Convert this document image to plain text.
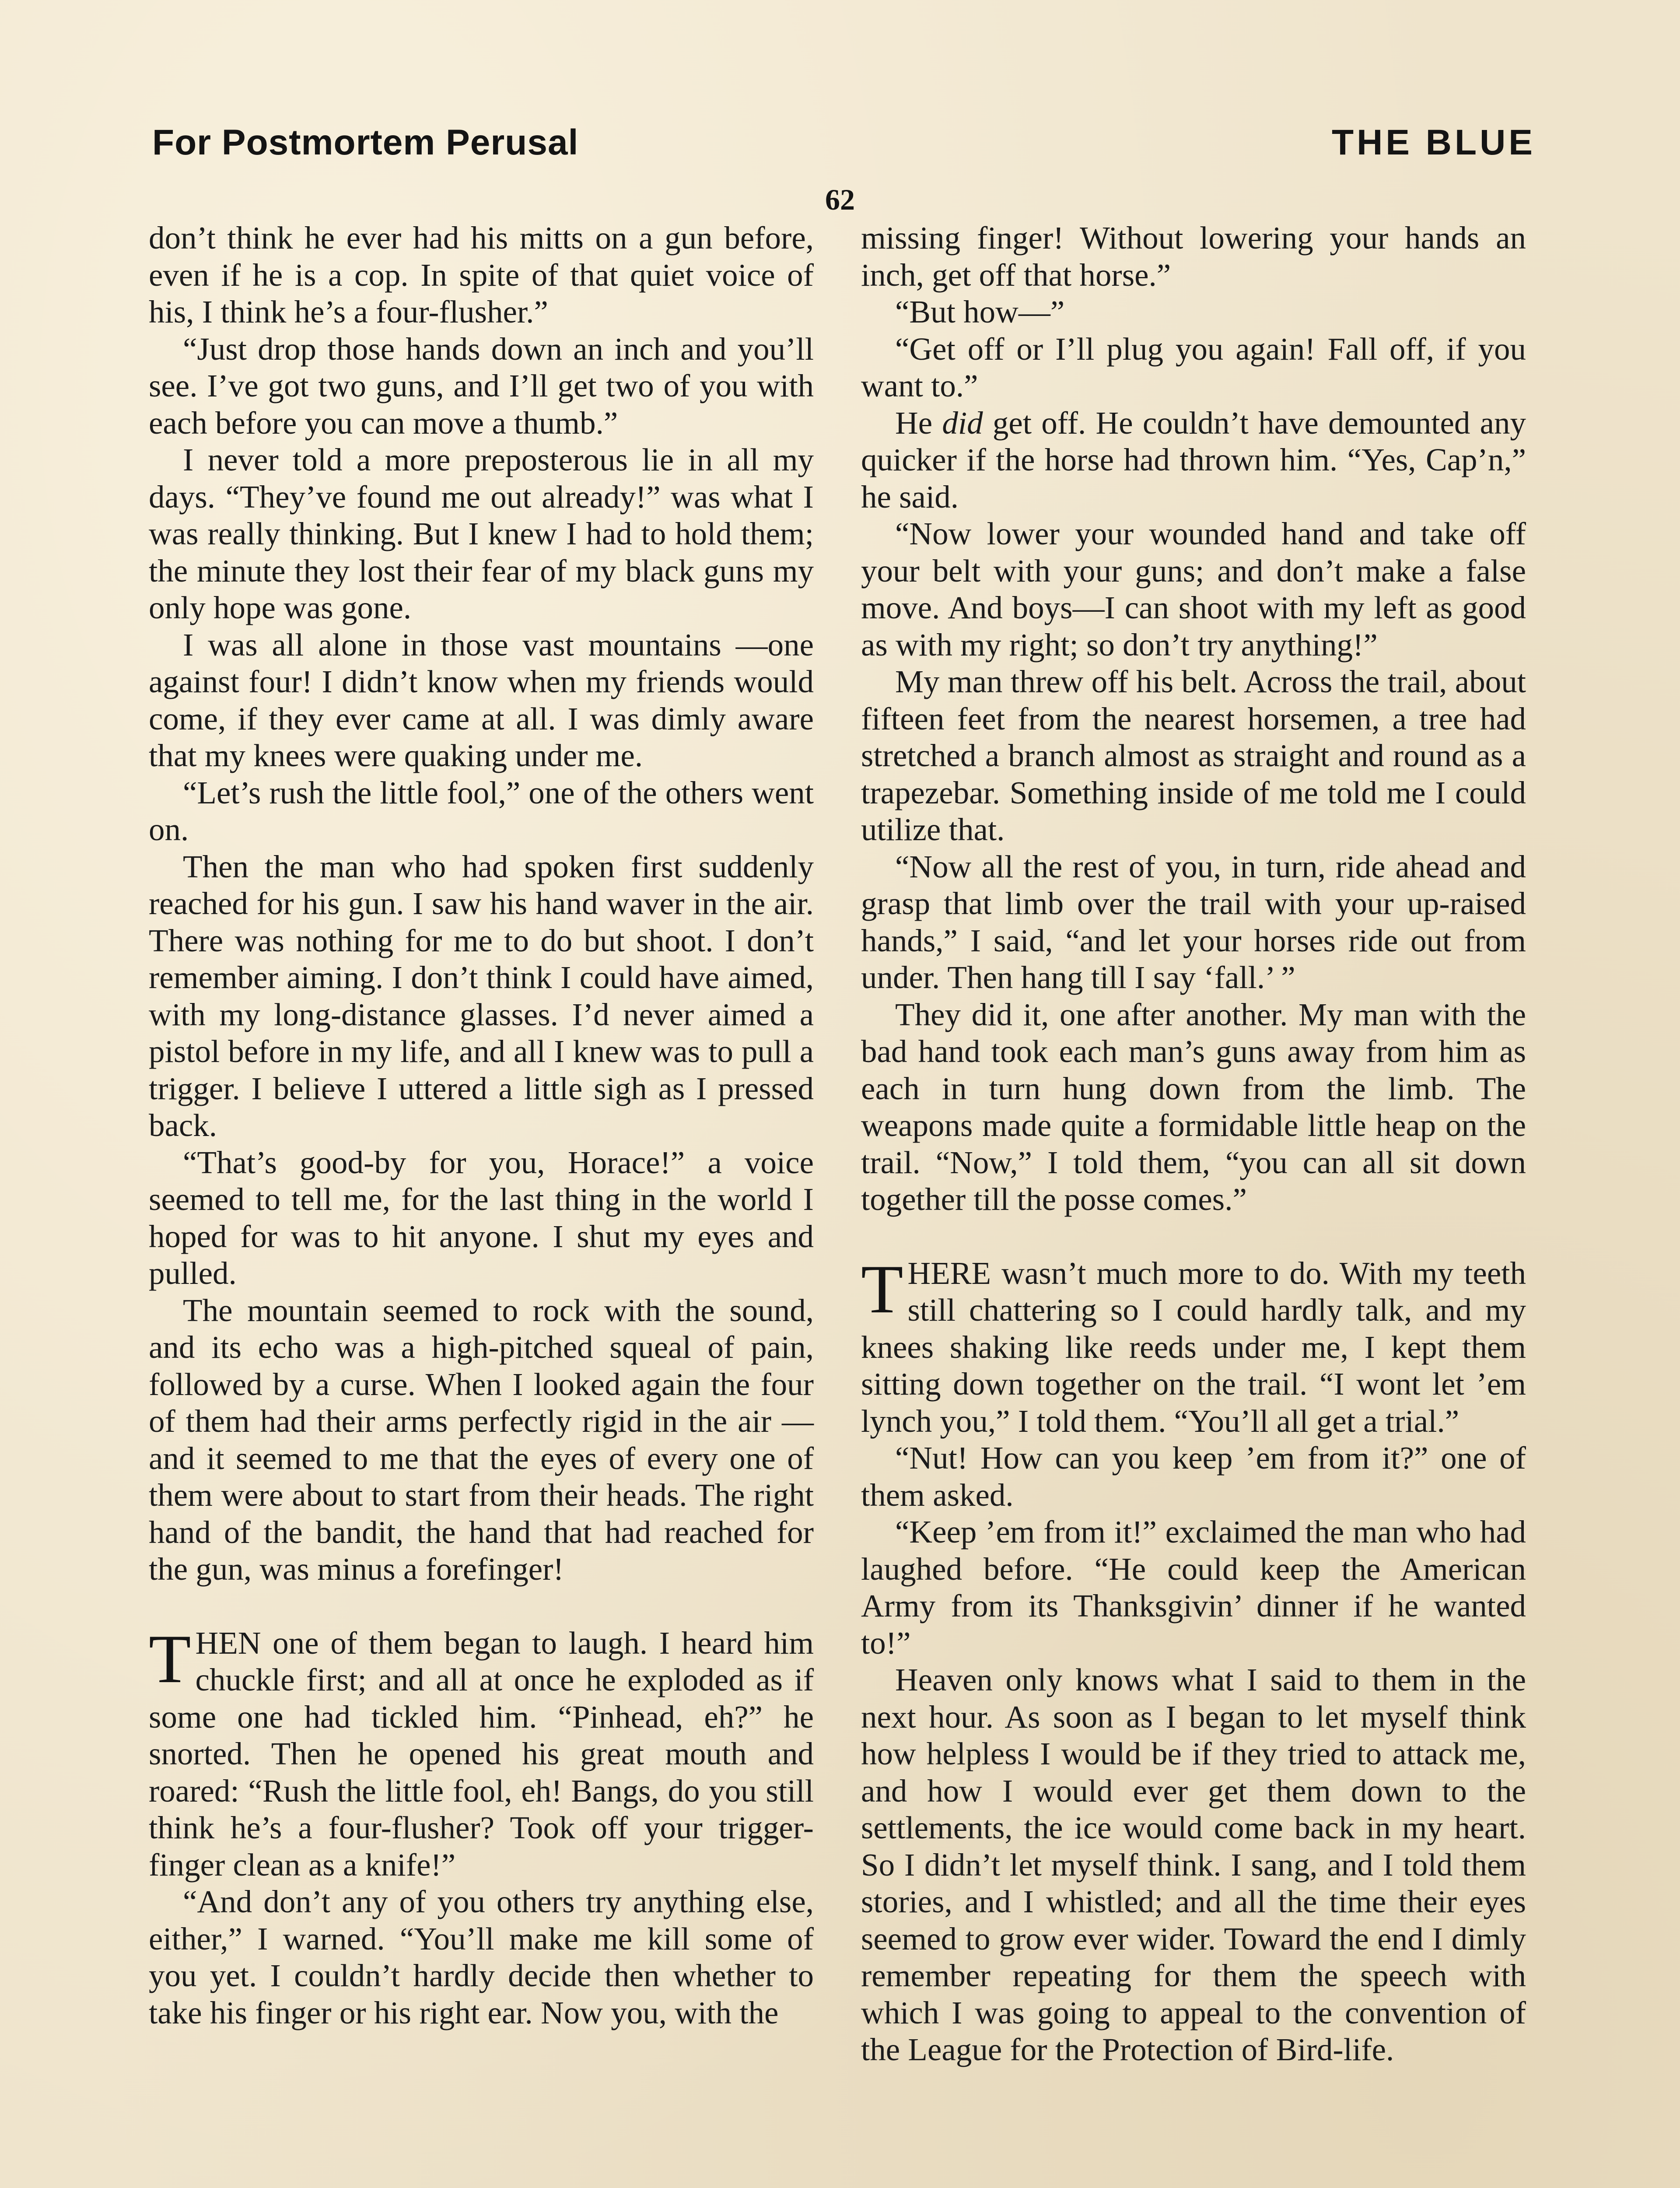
For Postmortem Perusal	THE BLUE
62

don’t think he ever had his mitts on a gun before, even if he is a cop. In spite of that quiet voice of his, I think he’s a four-flusher.”

“Just drop those hands down an inch and you’ll see. I’ve got two guns, and I’ll get two of you with each before you can move a thumb.”

I never told a more preposterous lie in all my days. “They’ve found me out already!” was what I was really thinking. But I knew I had to hold them; the minute they lost their fear of my black guns my only hope was gone.

I was all alone in those vast mountains —one against four! I didn’t know when my friends would come, if they ever came at all. I was dimly aware that my knees were quaking under me.

“Let’s rush the little fool,” one of the others went on.

Then the man who had spoken first suddenly reached for his gun. I saw his hand waver in the air. There was nothing for me to do but shoot. I don’t remember aiming. I don’t think I could have aimed, with my long-distance glasses. I’d never aimed a pistol before in my life, and all I knew was to pull a trigger. I believe I uttered a little sigh as I pressed back.

“That’s good-by for you, Horace!” a voice seemed to tell me, for the last thing in the world I hoped for was to hit anyone. I shut my eyes and pulled.

The mountain seemed to rock with the sound, and its echo was a high-pitched squeal of pain, followed by a curse. When I looked again the four of them had their arms perfectly rigid in the air — and it seemed to me that the eyes of every one of them were about to start from their heads. The right hand of the bandit, the hand that had reached for the gun, was minus a forefinger!

THEN one of them began to laugh. I heard him chuckle first; and all at once he exploded as if some one had tickled him. “Pinhead, eh?” he snorted. Then he opened his great mouth and roared: “Rush the little fool, eh! Bangs, do you still think he’s a four-flusher? Took off your trigger-finger clean as a knife!”

“And don’t any of you others try anything else, either,” I warned. “You’ll make me kill some of you yet. I couldn’t hardly decide then whether to take his finger or his right ear. Now you, with the

missing finger! Without lowering your hands an inch, get off that horse.”

“But how—”

“Get off or I’ll plug you again! Fall off, if you want to.”

He did get off. He couldn’t have demounted any quicker if the horse had thrown him. “Yes, Cap’n,” he said.

“Now lower your wounded hand and take off your belt with your guns; and don’t make a false move. And boys—I can shoot with my left as good as with my right; so don’t try anything!”

My man threw off his belt. Across the trail, about fifteen feet from the nearest horsemen, a tree had stretched a branch almost as straight and round as a trapezebar. Something inside of me told me I could utilize that.

“Now all the rest of you, in turn, ride ahead and grasp that limb over the trail with your up-raised hands,” I said, “and let your horses ride out from under. Then hang till I say ‘fall.’ ”

They did it, one after another. My man with the bad hand took each man’s guns away from him as each in turn hung down from the limb. The weapons made quite a formidable little heap on the trail. “Now,” I told them, “you can all sit down together till the posse comes.”

THERE wasn’t much more to do. With my teeth still chattering so I could hardly talk, and my knees shaking like reeds under me, I kept them sitting down together on the trail. “I wont let ’em lynch you,” I told them. “You’ll all get a trial.”

“Nut! How can you keep ’em from it?” one of them asked.

“Keep ’em from it!” exclaimed the man who had laughed before. “He could keep the American Army from its Thanksgivin’ dinner if he wanted to!”

Heaven only knows what I said to them in the next hour. As soon as I began to let myself think how helpless I would be if they tried to attack me, and how I would ever get them down to the settlements, the ice would come back in my heart. So I didn’t let myself think. I sang, and I told them stories, and I whistled; and all the time their eyes seemed to grow ever wider. Toward the end I dimly remember repeating for them the speech with which I was going to appeal to the convention of the League for the Protection of Bird-life.
